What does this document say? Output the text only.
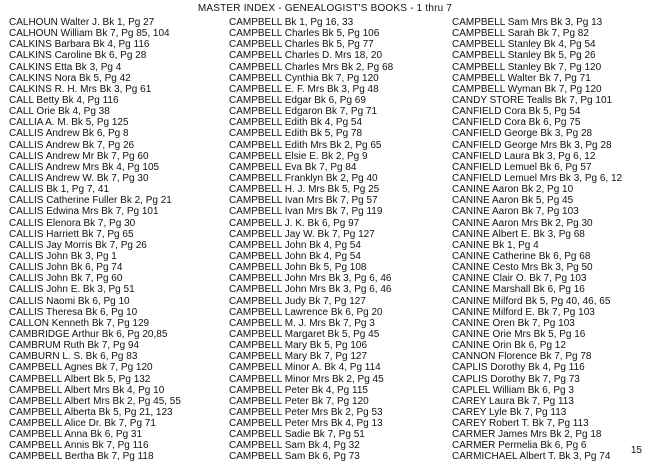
MASTER INDEX - GENEALOGIST'S BOOKS - 1 thru 7
CALHOUN Walter J. Bk 1, Pg 27
CALHOUN William Bk 7, Pg 85, 104
CALKINS Barbara Bk 4, Pg 116
CALKINS Caroline Bk 6, Pg 28
CALKINS Etta Bk 3, Pg 4
CALKINS Nora Bk 5, Pg 42
CALKINS R. H. Mrs Bk 3, Pg 61
CALL Betty Bk 4, Pg 116
CALL Orie Bk 4, Pg 38
CALLIA A. M. Bk 5, Pg 125
CALLIS Andrew Bk 6, Pg 8
CALLIS Andrew Bk 7, Pg 26
CALLIS Andrew Mr Bk 7, Pg 60
CALLIS Andrew Mrs Bk 4, Pg 105
CALLIS Andrew W. Bk 7, Pg 30
CALLIS Bk 1, Pg 7, 41
CALLIS Catherine Fuller Bk 2, Pg 21
CALLIS Edwina Mrs Bk 7, Pg 101
CALLIS Elenora Bk 7, Pg 30
CALLIS Harriett Bk 7, Pg 65
CALLIS Jay Morris Bk 7, Pg 26
CALLIS John Bk 3, Pg 1
CALLIS John Bk 6, Pg 74
CALLIS John Bk 7, Pg 60
CALLIS John E. Bk 3, Pg 51
CALLIS Naomi Bk 6, Pg 10
CALLIS Theresa Bk 6, Pg 10
CALLON Kenneth Bk 7, Pg 129
CAMBRIDGE Arthur Bk 6, Pg 20,85
CAMBRUM Ruth Bk 7, Pg 94
CAMBURN L. S. Bk 6, Pg 83
CAMPBELL Agnes Bk 7, Pg 120
CAMPBELL Albert Bk 5, Pg 132
CAMPBELL Albert Mrs Bk 4, Pg 10
CAMPBELL Albert Mrs Bk 2, Pg 45, 55
CAMPBELL Alberta Bk 5, Pg 21, 123
CAMPBELL Alice Dr. Bk 7, Pg 71
CAMPBELL Anna Bk 6, Pg 31
CAMPBELL Annis Bk 7, Pg 116
CAMPBELL Bertha Bk 7, Pg 118
CAMPBELL Bk 1, Pg 16, 33
CAMPBELL Charles Bk 5, Pg 106
CAMPBELL Charles Bk 5, Pg 77
CAMPBELL Charles D. Mrs 18, 20
CAMPBELL Charles Mrs Bk 2, Pg 68
CAMPBELL Cynthia Bk 7, Pg 120
CAMPBELL E. F. Mrs Bk 3, Pg 48
CAMPBELL Edgar Bk 6, Pg 69
CAMPBELL Edgaron Bk 7, Pg 71
CAMPBELL Edith Bk 4, Pg 54
CAMPBELL Edith Bk 5, Pg 78
CAMPBELL Edith Mrs Bk 2, Pg 65
CAMPBELL Elsie E. Bk 2, Pg 9
CAMPBELL Eva Bk 7, Pg 84
CAMPBELL Franklyn Bk 2, Pg 40
CAMPBELL H. J. Mrs Bk 5, Pg 25
CAMPBELL Ivan Mrs Bk 7, Pg 57
CAMPBELL Ivan Mrs Bk 7, Pg 119
CAMPBELL J. K. Bk 6, Pg 97
CAMPBELL Jay W. Bk 7, Pg 127
CAMPBELL John Bk 4, Pg 54
CAMPBELL John Bk 4, Pg 54
CAMPBELL John Bk 5, Pg 108
CAMPBELL John Mrs Bk 3, Pg 6, 46
CAMPBELL John Mrs Bk 3, Pg 6, 46
CAMPBELL Judy Bk 7, Pg 127
CAMPBELL Lawrence Bk 6, Pg 20
CAMPBELL M. J. Mrs Bk 7, Pg 3
CAMPBELL Margaret Bk 5, Pg 45
CAMPBELL Mary Bk 5, Pg 106
CAMPBELL Mary Bk 7, Pg 127
CAMPBELL Minor A. Bk 4, Pg 114
CAMPBELL Minor Mrs Bk 2, Pg 45
CAMPBELL Peter Bk 4, Pg 115
CAMPBELL Peter Bk 7, Pg 120
CAMPBELL Peter Mrs Bk 2, Pg 53
CAMPBELL Peter Mrs Bk 4, Pg 13
CAMPBELL Sadie Bk 7, Pg 51
CAMPBELL Sam Bk 4, Pg 32
CAMPBELL Sam Bk 6, Pg 73
CAMPBELL Sam Mrs Bk 3, Pg 13
CAMPBELL Sarah Bk 7, Pg 82
CAMPBELL Stanley Bk 4, Pg 54
CAMPBELL Stanley Bk 5, Pg 26
CAMPBELL Stanley Bk 7, Pg 120
CAMPBELL Walter Bk 7, Pg 71
CAMPBELL Wyman Bk 7, Pg 120
CANDY STORE Tealls Bk 7, Pg 101
CANFIELD Cora Bk 5, Pg 54
CANFIELD Cora Bk 6, Pg 75
CANFIELD George Bk 3, Pg 28
CANFIELD George Mrs Bk 3, Pg 28
CANFIELD Laura Bk 3, Pg 6, 12
CANFIELD Lemuel Bk 6, Pg 57
CANFIELD Lemuel Mrs Bk 3, Pg 6, 12
CANINE Aaron Bk 2, Pg 10
CANINE Aaron Bk 5, Pg 45
CANINE Aaron Bk 7, Pg 103
CANINE Aaron Mrs Bk 2, Pg 30
CANINE Albert E. Bk 3, Pg 68
CANINE Bk 1, Pg 4
CANINE Catherine Bk 6, Pg 68
CANINE Cesto Mrs Bk 3, Pg 50
CANINE Clair O. Bk 7, Pg 103
CANINE Marshall Bk 6, Pg 16
CANINE Milford Bk 5, Pg 40, 46, 65
CANINE Milford E. Bk 7, Pg 103
CANINE Oren Bk 7, Pg 103
CANINE Orie Mrs Bk 5, Pg 16
CANINE Orin Bk 6, Pg 12
CANNON Florence Bk 7, Pg 78
CAPLIS Dorothy Bk 4, Pg 116
CAPLIS Dorothy Bk 7, Pg 73
CAPLEL William Bk 6, Pg 3
CAREY Laura Bk 7, Pg 113
CAREY Lyle Bk 7, Pg 113
CAREY Robert T. Bk 7, Pg 113
CARMER James Mrs Bk 2, Pg 18
CARMER Permelia Bk 6, Pg 6
CARMICHAEL Albert T. Bk 3, Pg 74
15
